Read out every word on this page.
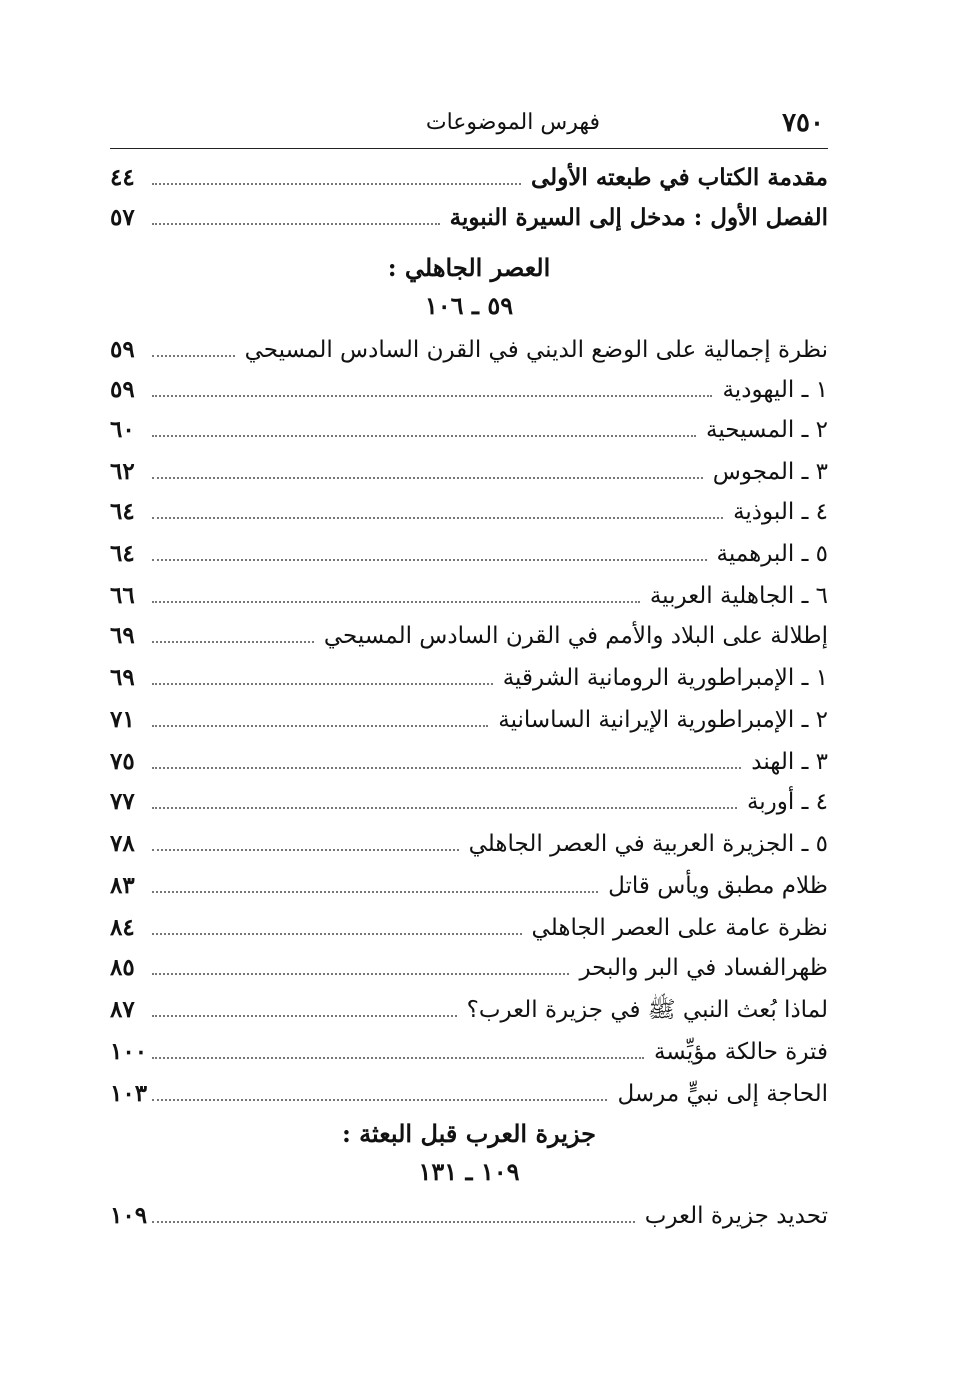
٧٥٠
فهرس الموضوعات
مقدمة الكتاب في طبعته الأولى
٤٤
الفصل الأول : مدخل إلى السيرة النبوية
٥٧
العصر الجاهلي :
٥٩ ـ ١٠٦
نظرة إجمالية على الوضع الديني في القرن السادس المسيحي
٥٩
١ ـ اليهودية
٥٩
٢ ـ المسيحية
٦٠
٣ ـ المجوس
٦٢
٤ ـ البوذية
٦٤
٥ ـ البرهمية
٦٤
٦ ـ الجاهلية العربية
٦٦
إطلالة على البلاد والأمم في القرن السادس المسيحي
٦٩
١ ـ الإمبراطورية الرومانية الشرقية
٦٩
٢ ـ الإمبراطورية الإيرانية الساسانية
٧١
٣ ـ الهند
٧٥
٤ ـ أوربة
٧٧
٥ ـ الجزيرة العربية في العصر الجاهلي
٧٨
ظلام مطبق ويأس قاتل
٨٣
نظرة عامة على العصر الجاهلي
٨٤
ظهرالفساد في البر والبحر
٨٥
لماذا بُعث النبي ﷺ في جزيرة العرب؟
٨٧
فترة حالكة مؤيِّسة
١٠٠
الحاجة إلى نبيٍّ مرسل
١٠٣
جزيرة العرب قبل البعثة :
١٠٩ ـ ١٣١
تحديد جزيرة العرب
١٠٩
